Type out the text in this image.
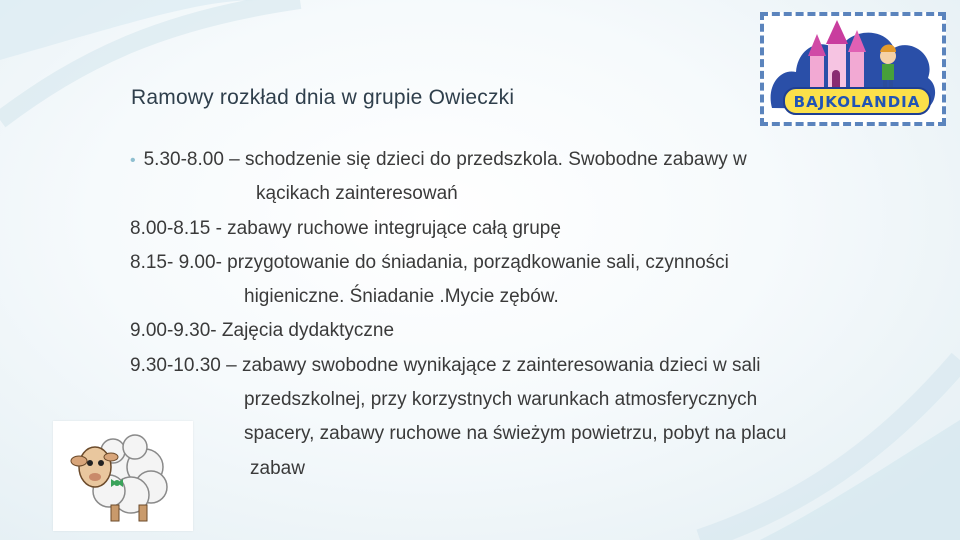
Ramowy rozkład dnia w grupie Owieczki
• 5.30-8.00 – schodzenie się dzieci do przedszkola. Swobodne zabawy w
kącikach zainteresowań
8.00-8.15 - zabawy ruchowe integrujące całą grupę
8.15- 9.00- przygotowanie do śniadania, porządkowanie sali, czynności
higieniczne. Śniadanie .Mycie zębów.
9.00-9.30- Zajęcia dydaktyczne
9.30-10.30 – zabawy swobodne wynikające z zainteresowania dzieci w sali
przedszkolnej, przy korzystnych warunkach atmosferycznych
spacery, zabawy ruchowe na świeżym powietrzu, pobyt na placu
zabaw
BAJKOLANDIA
